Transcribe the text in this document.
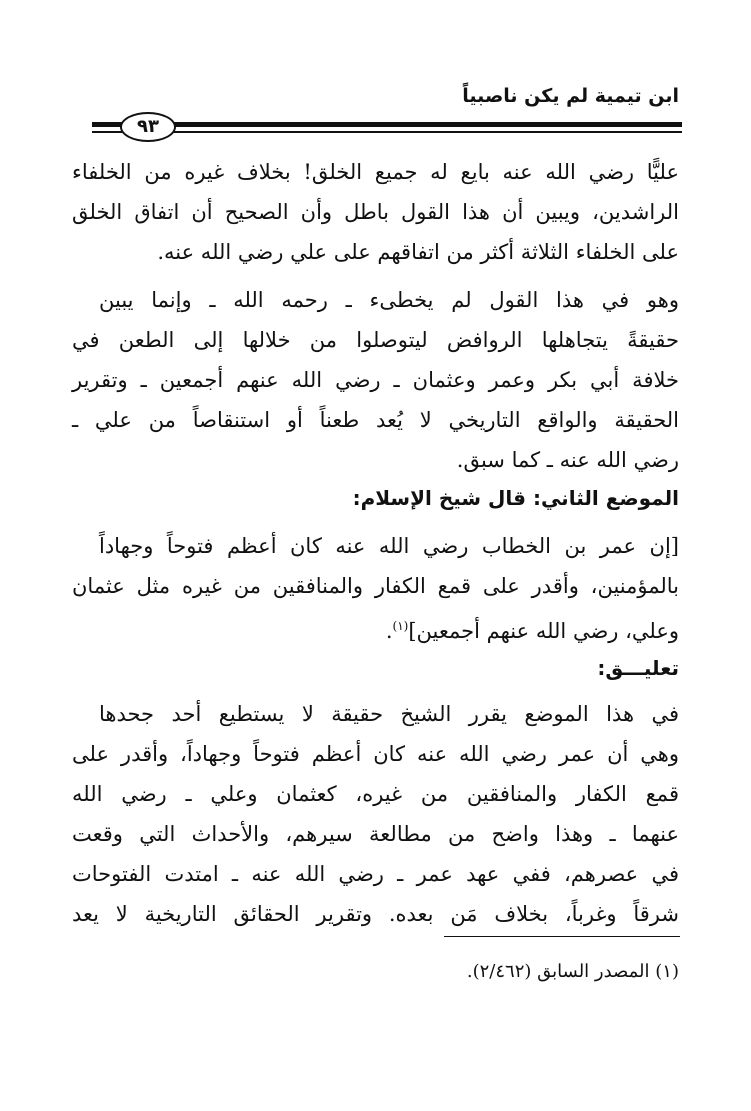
ابن تيمية لم يكن ناصبياً
٩٣
عليًّا رضي الله عنه بايع له جميع الخلق! بخلاف غيره من الخلفاء
الراشدين، ويبين أن هذا القول باطل وأن الصحيح أن اتفاق الخلق
على الخلفاء الثلاثة أكثر من اتفاقهم على علي رضي الله عنه.
وهو في هذا القول لم يخطىء ـ رحمه الله ـ وإنما يبين
حقيقةً يتجاهلها الروافض ليتوصلوا من خلالها إلى الطعن في
خلافة أبي بكر وعمر وعثمان ـ رضي الله عنهم أجمعين ـ وتقرير
الحقيقة والواقع التاريخي لا يُعد طعناً أو استنقاصاً من علي ـ
رضي الله عنه ـ كما سبق.
الموضع الثاني: قال شيخ الإسلام:
[إن عمر بن الخطاب رضي الله عنه كان أعظم فتوحاً وجهاداً
بالمؤمنين، وأقدر على قمع الكفار والمنافقين من غيره مثل عثمان
وعلي، رضي الله عنهم أجمعين]$^{(١)}$.
تعليـــق:
في هذا الموضع يقرر الشيخ حقيقة لا يستطيع أحد جحدها
وهي أن عمر رضي الله عنه كان أعظم فتوحاً وجهاداً، وأقدر على
قمع الكفار والمنافقين من غيره، كعثمان وعلي ـ رضي الله
عنهما ـ وهذا واضح من مطالعة سيرهم، والأحداث التي وقعت
في عصرهم، ففي عهد عمر ـ رضي الله عنه ـ امتدت الفتوحات
شرقاً وغرباً، بخلاف مَن بعده. وتقرير الحقائق التاريخية لا يعد
(١) المصدر السابق (٢/٤٦٢).
